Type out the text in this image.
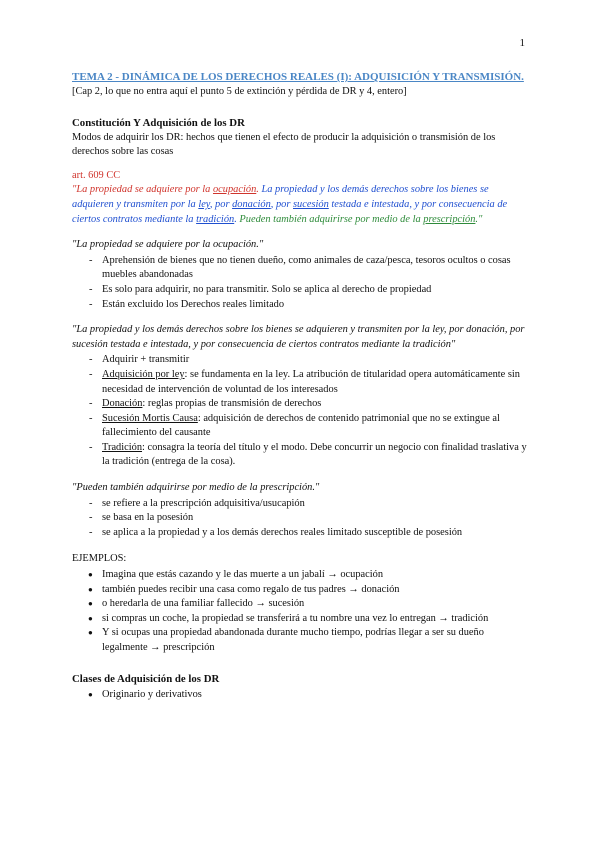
1
TEMA 2 - DINÁMICA DE LOS DERECHOS REALES (I): ADQUISICIÓN Y TRANSMISIÓN.

[Cap 2, lo que no entra aquí el punto 5 de extinción y pérdida de DR y 4, entero]

Constitución Y Adquisición de los DR

Modos de adquirir los DR: hechos que tienen el efecto de producir la adquisición o transmisión de los derechos sobre las cosas

art. 609 CC

"La propiedad se adquiere por la ocupación. La propiedad y los demás derechos sobre los bienes se adquieren y transmiten por la ley, por donación, por sucesión testada e intestada, y por consecuencia de ciertos contratos mediante la tradición. Pueden también adquirirse por medio de la prescripción."

"La propiedad se adquiere por la ocupación."

- Aprehensión de bienes que no tienen dueño, como animales de caza/pesca, tesoros ocultos o cosas muebles abandonadas
- Es solo para adquirir, no para transmitir. Solo se aplica al derecho de propiedad
- Están excluido los Derechos reales limitado

"La propiedad y los demás derechos sobre los bienes se adquieren y transmiten por la ley, por donación, por sucesión testada e intestada, y por consecuencia de ciertos contratos mediante la tradición"

- Adquirir + transmitir
- Adquisición por ley: se fundamenta en la ley. La atribución de titularidad opera automáticamente sin necesidad de intervención de voluntad de los interesados
- Donación: reglas propias de transmisión de derechos
- Sucesión Mortis Causa: adquisición de derechos de contenido patrimonial que no se extingue al fallecimiento del causante
- Tradición: consagra la teoría del título y el modo. Debe concurrir un negocio con finalidad traslativa y la tradición (entrega de la cosa).

"Pueden también adquirirse por medio de la prescripción."

- se refiere a la prescripción adquisitiva/usucapión
- se basa en la posesión
- se aplica a la propiedad y a los demás derechos reales limitado susceptible de posesión

EJEMPLOS:

● Imagina que estás cazando y le das muerte a un jabalí → ocupación
● también puedes recibir una casa como regalo de tus padres → donación
● o heredarla de una familiar fallecido → sucesión
● si compras un coche, la propiedad se transferirá a tu nombre una vez lo entregan → tradición
● Y si ocupas una propiedad abandonada durante mucho tiempo, podrías llegar a ser su dueño legalmente → prescripción
Clases de Adquisición de los DR
● Originario y derivativos
